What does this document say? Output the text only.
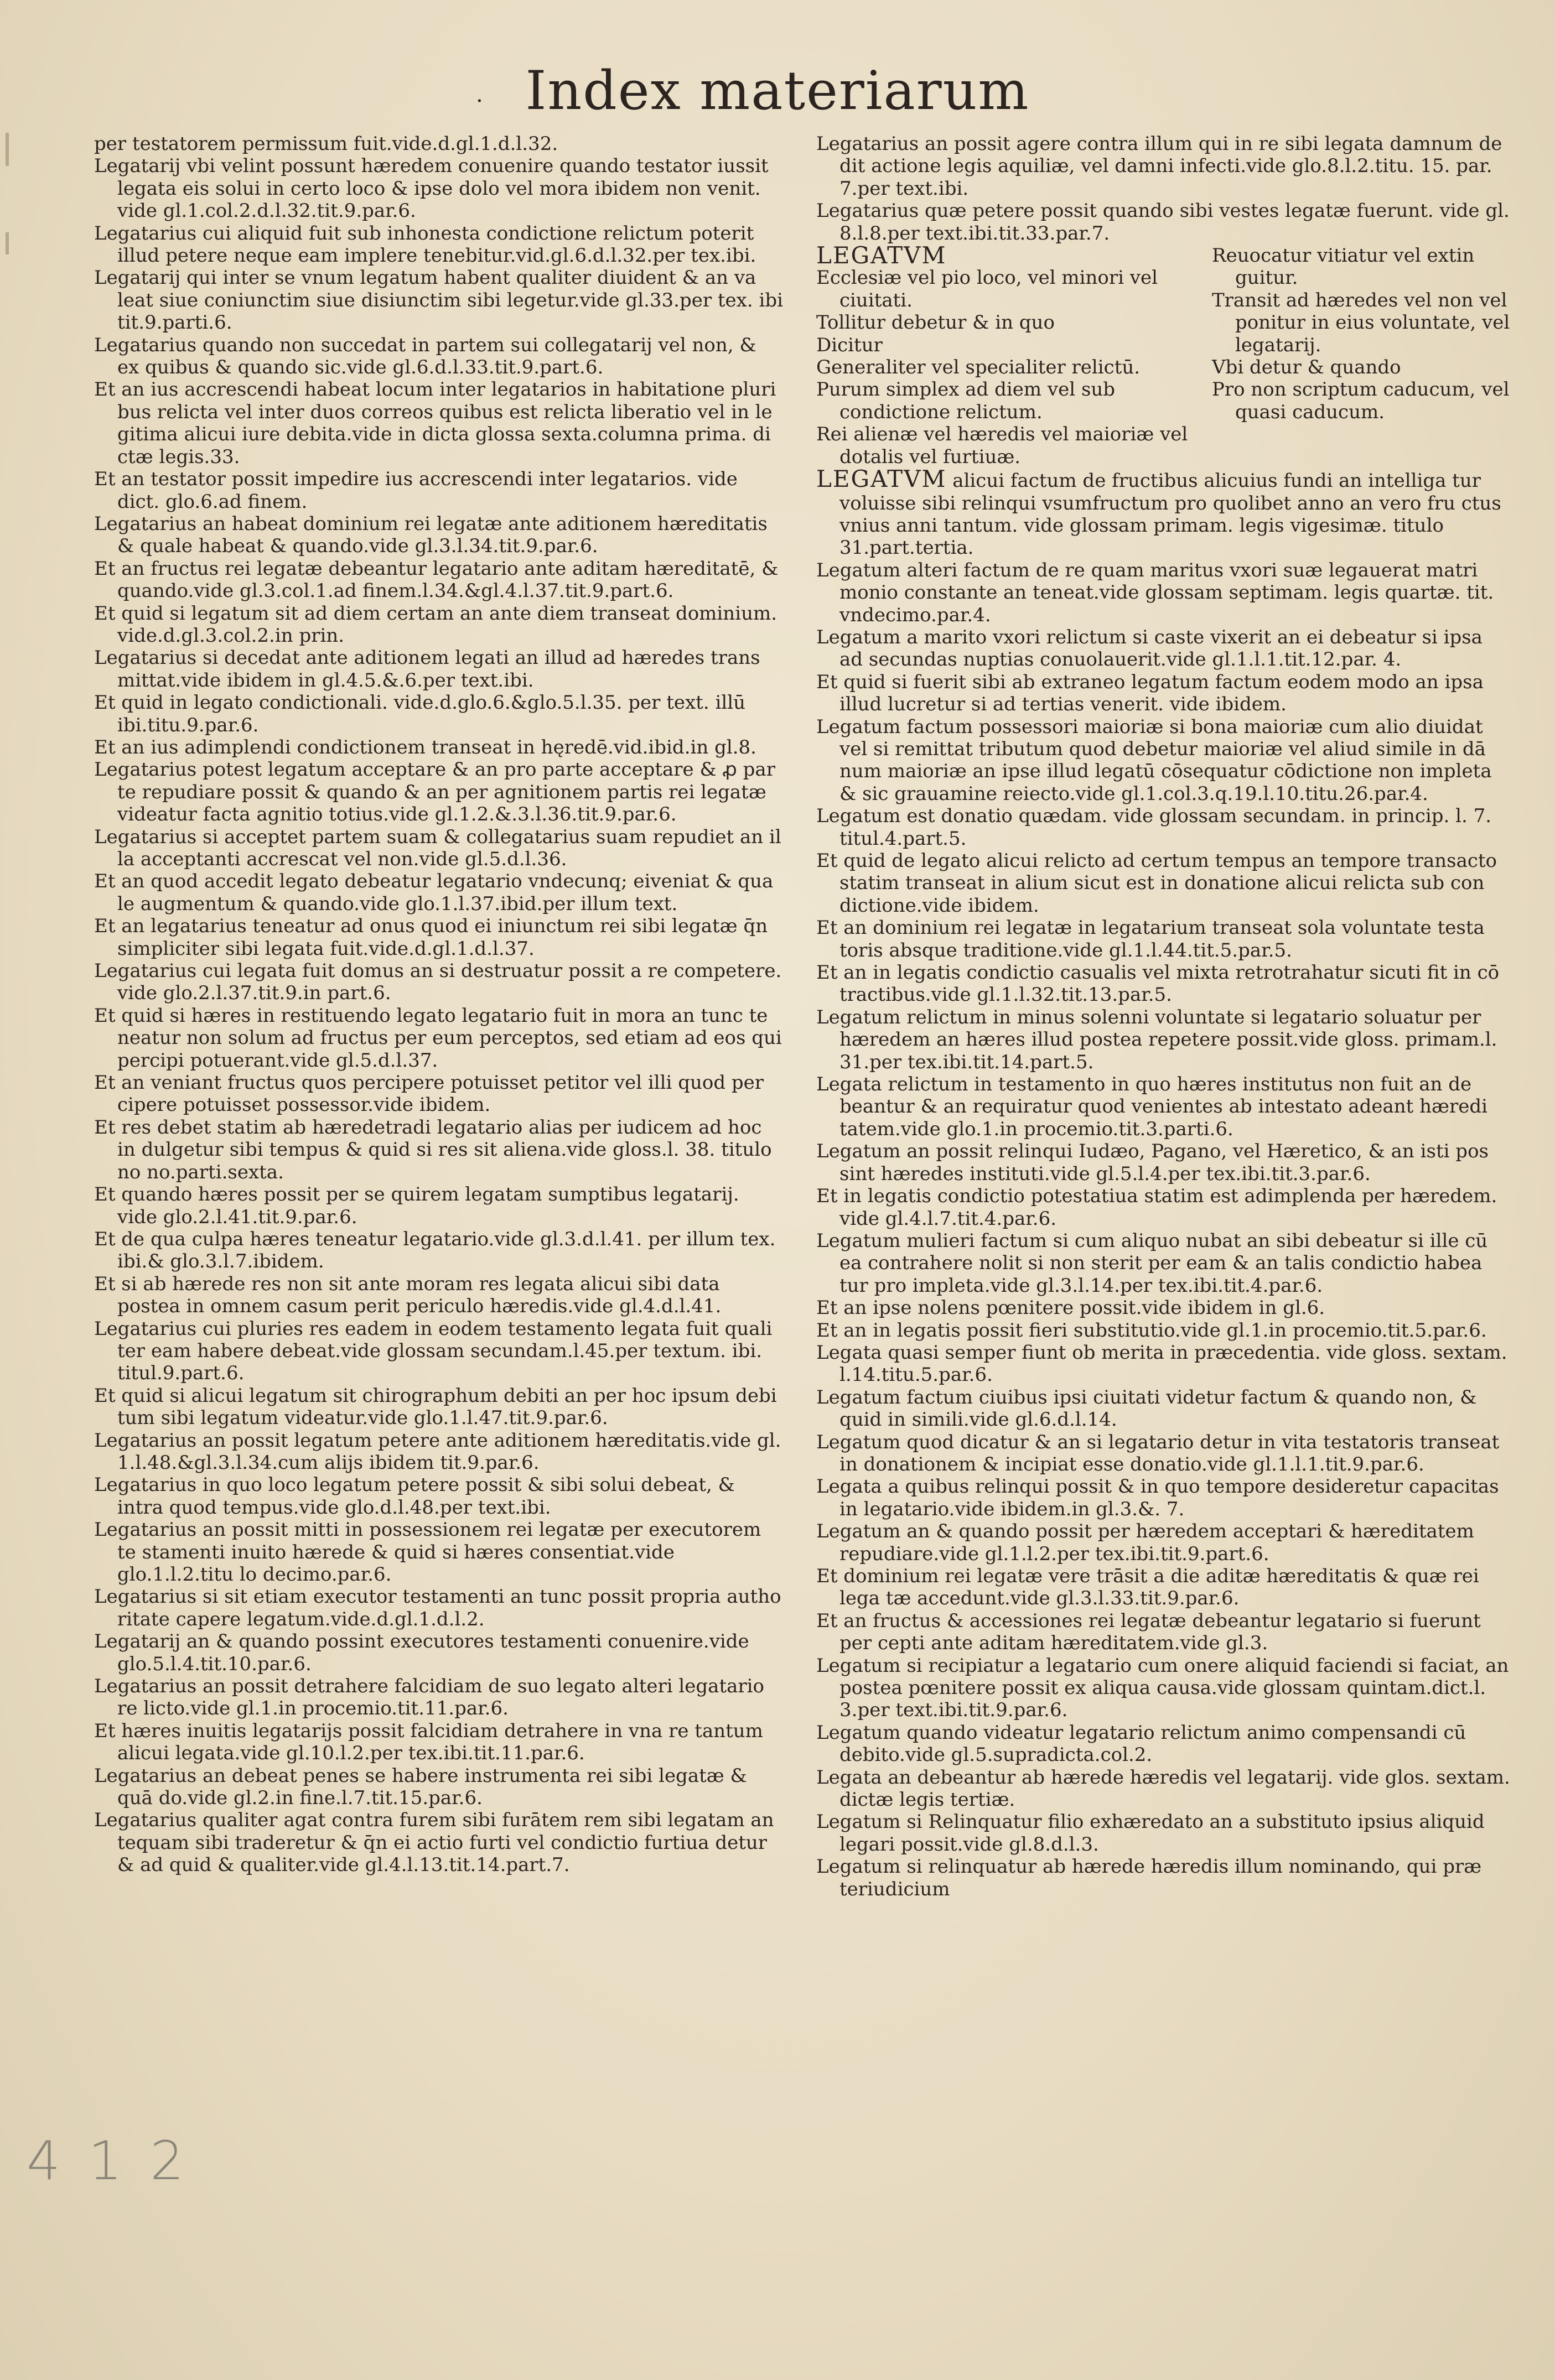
. Index materiarum

per testatorem permissum fuit.vide.d.gl.1.d.l.32.

Legatarij vbi velint possunt hæredem conuenire quando testator iussit legata eis solui in certo loco & ipse dolo vel mora ibidem non venit. vide gl.1.col.2.d.l.32.tit.9.par.6.

Legatarius cui aliquid fuit sub inhonesta condictione relictum poterit illud petere neque eam implere tenebitur.vid.gl.6.d.l.32.per tex.ibi.

Legatarij qui inter se vnum legatum habent qualiter diuident & an va leat siue coniunctim siue disiunctim sibi legetur.vide gl.33.per tex. ibi tit.9.parti.6.

Legatarius quando non succedat in partem sui collegatarij vel non, & ex quibus & quando sic.vide gl.6.d.l.33.tit.9.part.6.

Et an ius accrescendi habeat locum inter legatarios in habitatione pluri bus relicta vel inter duos correos quibus est relicta liberatio vel in le gitima alicui iure debita.vide in dicta glossa sexta.columna prima. di ctæ legis.33.

Et an testator possit impedire ius accrescendi inter legatarios. vide dict. glo.6.ad finem.

Legatarius an habeat dominium rei legatæ ante aditionem hæreditatis & quale habeat & quando.vide gl.3.l.34.tit.9.par.6.

Et an fructus rei legatæ debeantur legatario ante aditam hæreditatē, & quando.vide gl.3.col.1.ad finem.l.34.&gl.4.l.37.tit.9.part.6.

Et quid si legatum sit ad diem certam an ante diem transeat dominium. vide.d.gl.3.col.2.in prin.

Legatarius si decedat ante aditionem legati an illud ad hæredes trans mittat.vide ibidem in gl.4.5.&.6.per text.ibi.

Et quid in legato condictionali. vide.d.glo.6.&glo.5.l.35. per text. illū ibi.titu.9.par.6.

Et an ius adimplendi condictionem transeat in hęredē.vid.ibid.in gl.8.

Legatarius potest legatum acceptare & an pro parte acceptare & ꝓ par te repudiare possit & quando & an per agnitionem partis rei legatæ videatur facta agnitio totius.vide gl.1.2.&.3.l.36.tit.9.par.6.

Legatarius si acceptet partem suam & collegatarius suam repudiet an il la acceptanti accrescat vel non.vide gl.5.d.l.36.

Et an quod accedit legato debeatur legatario vndecunq; eiveniat & qua le augmentum & quando.vide glo.1.l.37.ibid.per illum text.

Et an legatarius teneatur ad onus quod ei iniunctum rei sibi legatæ q̄n simpliciter sibi legata fuit.vide.d.gl.1.d.l.37.

Legatarius cui legata fuit domus an si destruatur possit a re competere. vide glo.2.l.37.tit.9.in part.6.

Et quid si hæres in restituendo legato legatario fuit in mora an tunc te neatur non solum ad fructus per eum perceptos, sed etiam ad eos qui percipi potuerant.vide gl.5.d.l.37.

Et an veniant fructus quos percipere potuisset petitor vel illi quod per cipere potuisset possessor.vide ibidem.

Et res debet statim ab hæredetradi legatario alias per iudicem ad hoc in dulgetur sibi tempus & quid si res sit aliena.vide gloss.l. 38. titulo no no.parti.sexta.

Et quando hæres possit per se quirem legatam sumptibus legatarij. vide glo.2.l.41.tit.9.par.6.

Et de qua culpa hæres teneatur legatario.vide gl.3.d.l.41. per illum tex. ibi.& glo.3.l.7.ibidem.

Et si ab hærede res non sit ante moram res legata alicui sibi data postea in omnem casum perit periculo hæredis.vide gl.4.d.l.41.

Legatarius cui pluries res eadem in eodem testamento legata fuit quali ter eam habere debeat.vide glossam secundam.l.45.per textum. ibi. titul.9.part.6.

Et quid si alicui legatum sit chirographum debiti an per hoc ipsum debi tum sibi legatum videatur.vide glo.1.l.47.tit.9.par.6.

Legatarius an possit legatum petere ante aditionem hæreditatis.vide gl. 1.l.48.&gl.3.l.34.cum alijs ibidem tit.9.par.6.

Legatarius in quo loco legatum petere possit & sibi solui debeat, & intra quod tempus.vide glo.d.l.48.per text.ibi.

Legatarius an possit mitti in possessionem rei legatæ per executorem te stamenti inuito hærede & quid si hæres consentiat.vide glo.1.l.2.titu lo decimo.par.6.

Legatarius si sit etiam executor testamenti an tunc possit propria autho ritate capere legatum.vide.d.gl.1.d.l.2.

Legatarij an & quando possint executores testamenti conuenire.vide glo.5.l.4.tit.10.par.6.

Legatarius an possit detrahere falcidiam de suo legato alteri legatario re licto.vide gl.1.in procemio.tit.11.par.6.

Et hæres inuitis legatarijs possit falcidiam detrahere in vna re tantum alicui legata.vide gl.10.l.2.per tex.ibi.tit.11.par.6.

Legatarius an debeat penes se habere instrumenta rei sibi legatæ & quā do.vide gl.2.in fine.l.7.tit.15.par.6.

Legatarius qualiter agat contra furem sibi furātem rem sibi legatam an tequam sibi traderetur & q̄n ei actio furti vel condictio furtiua detur & ad quid & qualiter.vide gl.4.l.13.tit.14.part.7.

Legatarius an possit agere contra illum qui in re sibi legata damnum de dit actione legis aquiliæ, vel damni infecti.vide glo.8.l.2.titu. 15. par. 7.per text.ibi.

Legatarius quæ petere possit quando sibi vestes legatæ fuerunt. vide gl. 8.l.8.per text.ibi.tit.33.par.7.

LEGATVM

Ecclesiæ vel pio loco, vel minori vel ciuitati.

Tollitur debetur & in quo

Dicitur

Generaliter vel specialiter relictū.

Purum simplex ad diem vel sub condictione relictum.

Rei alienæ vel hæredis vel maioriæ vel dotalis vel furtiuæ.

Reuocatur vitiatur vel extin guitur.

Transit ad hæredes vel non vel ponitur in eius voluntate, vel legatarij.

Vbi detur & quando

Pro non scriptum caducum, vel quasi caducum.

LEGATVM alicui factum de fructibus alicuius fundi an intelliga tur voluisse sibi relinqui vsumfructum pro quolibet anno an vero fru ctus vnius anni tantum. vide glossam primam. legis vigesimæ. titulo 31.part.tertia.

Legatum alteri factum de re quam maritus vxori suæ legauerat matri monio constante an teneat.vide glossam septimam. legis quartæ. tit. vndecimo.par.4.

Legatum a marito vxori relictum si caste vixerit an ei debeatur si ipsa ad secundas nuptias conuolauerit.vide gl.1.l.1.tit.12.par. 4.

Et quid si fuerit sibi ab extraneo legatum factum eodem modo an ipsa illud lucretur si ad tertias venerit. vide ibidem.

Legatum factum possessori maioriæ si bona maioriæ cum alio diuidat vel si remittat tributum quod debetur maioriæ vel aliud simile in dā num maioriæ an ipse illud legatū cōsequatur cōdictione non impleta & sic grauamine reiecto.vide gl.1.col.3.q.19.l.10.titu.26.par.4.

Legatum est donatio quædam. vide glossam secundam. in princip. l. 7. titul.4.part.5.

Et quid de legato alicui relicto ad certum tempus an tempore transacto statim transeat in alium sicut est in donatione alicui relicta sub con dictione.vide ibidem.

Et an dominium rei legatæ in legatarium transeat sola voluntate testa toris absque traditione.vide gl.1.l.44.tit.5.par.5.

Et an in legatis condictio casualis vel mixta retrotrahatur sicuti fit in cō tractibus.vide gl.1.l.32.tit.13.par.5.

Legatum relictum in minus solenni voluntate si legatario soluatur per hæredem an hæres illud postea repetere possit.vide gloss. primam.l. 31.per tex.ibi.tit.14.part.5.

Legata relictum in testamento in quo hæres institutus non fuit an de beantur & an requiratur quod venientes ab intestato adeant hæredi tatem.vide glo.1.in procemio.tit.3.parti.6.

Legatum an possit relinqui Iudæo, Pagano, vel Hæretico, & an isti pos sint hæredes instituti.vide gl.5.l.4.per tex.ibi.tit.3.par.6.

Et in legatis condictio potestatiua statim est adimplenda per hæredem. vide gl.4.l.7.tit.4.par.6.

Legatum mulieri factum si cum aliquo nubat an sibi debeatur si ille cū ea contrahere nolit si non sterit per eam & an talis condictio habea tur pro impleta.vide gl.3.l.14.per tex.ibi.tit.4.par.6.

Et an ipse nolens pœnitere possit.vide ibidem in gl.6.

Et an in legatis possit fieri substitutio.vide gl.1.in procemio.tit.5.par.6.

Legata quasi semper fiunt ob merita in præcedentia. vide gloss. sextam. l.14.titu.5.par.6.

Legatum factum ciuibus ipsi ciuitati videtur factum & quando non, & quid in simili.vide gl.6.d.l.14.

Legatum quod dicatur & an si legatario detur in vita testatoris transeat in donationem & incipiat esse donatio.vide gl.1.l.1.tit.9.par.6.

Legata a quibus relinqui possit & in quo tempore desideretur capacitas in legatario.vide ibidem.in gl.3.&. 7.

Legatum an & quando possit per hæredem acceptari & hæreditatem repudiare.vide gl.1.l.2.per tex.ibi.tit.9.part.6.

Et dominium rei legatæ vere trāsit a die aditæ hæreditatis & quæ rei lega tæ accedunt.vide gl.3.l.33.tit.9.par.6.

Et an fructus & accessiones rei legatæ debeantur legatario si fuerunt per cepti ante aditam hæreditatem.vide gl.3.

Legatum si recipiatur a legatario cum onere aliquid faciendi si faciat, an postea pœnitere possit ex aliqua causa.vide glossam quintam.dict.l. 3.per text.ibi.tit.9.par.6.

Legatum quando videatur legatario relictum animo compensandi cū debito.vide gl.5.supradicta.col.2.

Legata an debeantur ab hærede hæredis vel legatarij. vide glos. sextam. dictæ legis tertiæ.

Legatum si Relinquatur filio exhæredato an a substituto ipsius aliquid legari possit.vide gl.8.d.l.3.

Legatum si relinquatur ab hærede hæredis illum nominando, qui præ teriudicium

4 1 2
